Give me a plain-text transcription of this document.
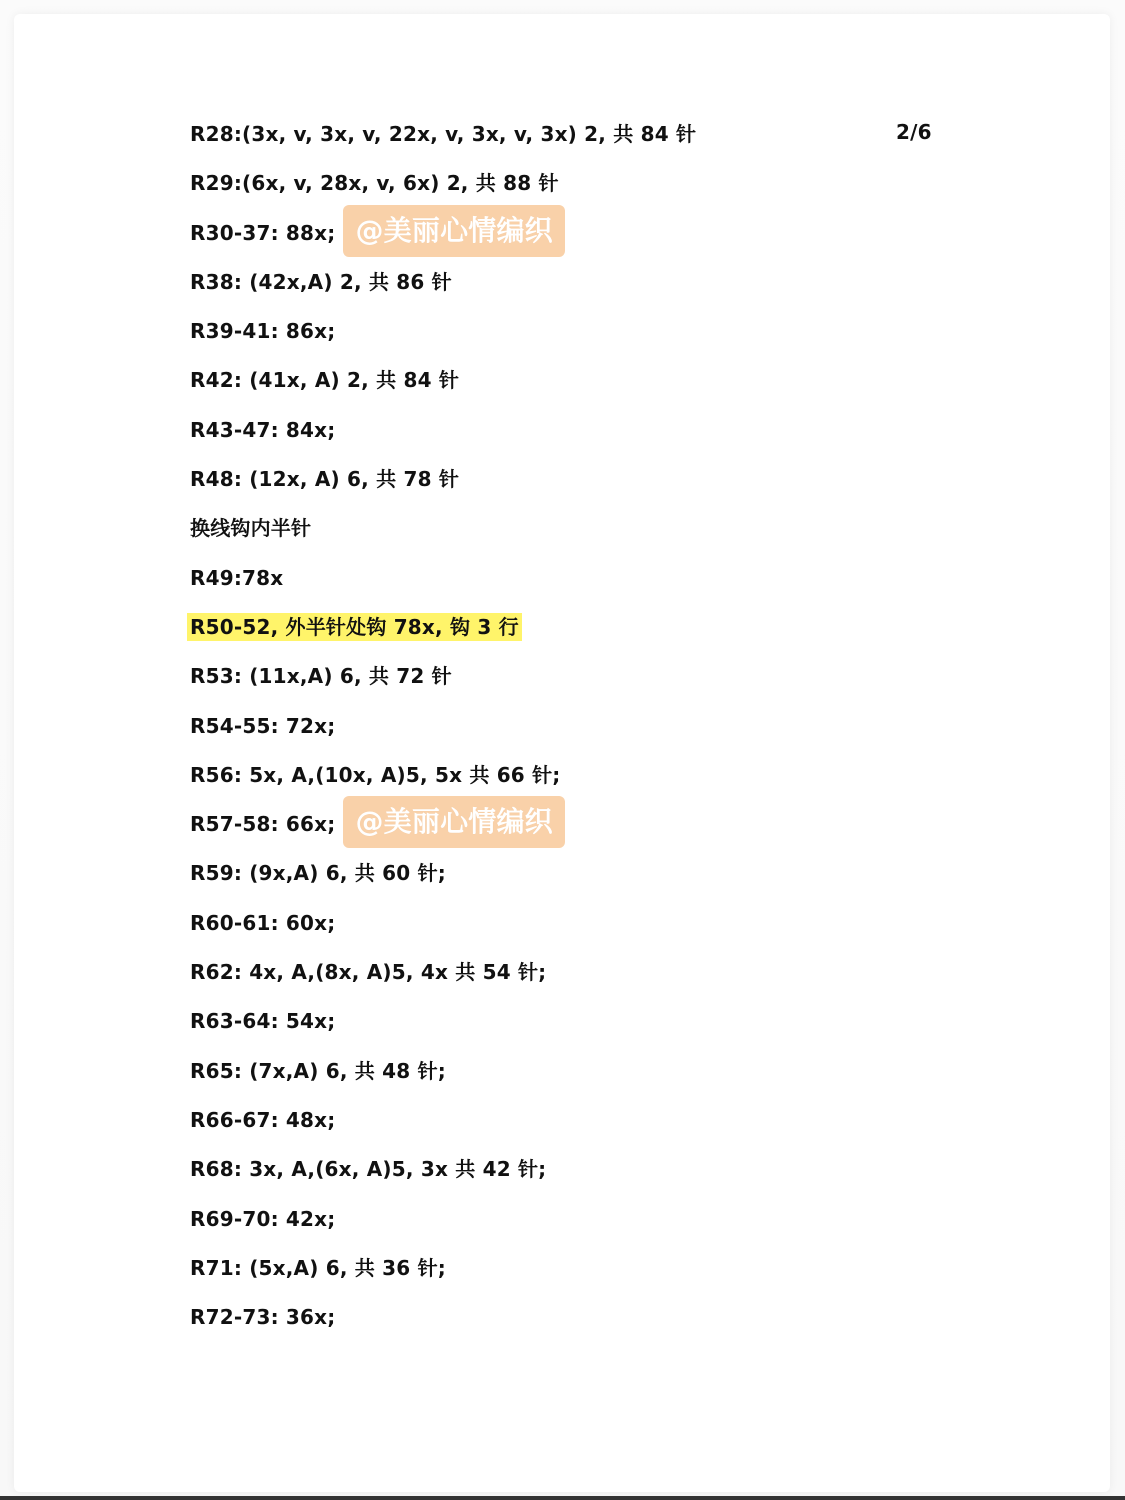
2/6
R28:(3x, v, 3x, v, 22x, v, 3x, v, 3x) 2, 共 84 针
R29:(6x, v, 28x, v, 6x) 2, 共 88 针
R30-37: 88x; @美丽心情编织
R38: (42x,A) 2, 共 86 针
R39-41: 86x;
R42: (41x, A) 2, 共 84 针
R43-47: 84x;
R48: (12x, A) 6, 共 78 针
换线钩内半针
R49:78x
R50-52, 外半针处钩 78x, 钩 3 行
R53: (11x,A) 6, 共 72 针
R54-55: 72x;
R56: 5x, A,(10x, A)5, 5x 共 66 针;
R57-58: 66x; @美丽心情编织
R59: (9x,A) 6, 共 60 针;
R60-61: 60x;
R62: 4x, A,(8x, A)5, 4x 共 54 针;
R63-64: 54x;
R65: (7x,A) 6, 共 48 针;
R66-67: 48x;
R68: 3x, A,(6x, A)5, 3x 共 42 针;
R69-70: 42x;
R71: (5x,A) 6, 共 36 针;
R72-73: 36x;
